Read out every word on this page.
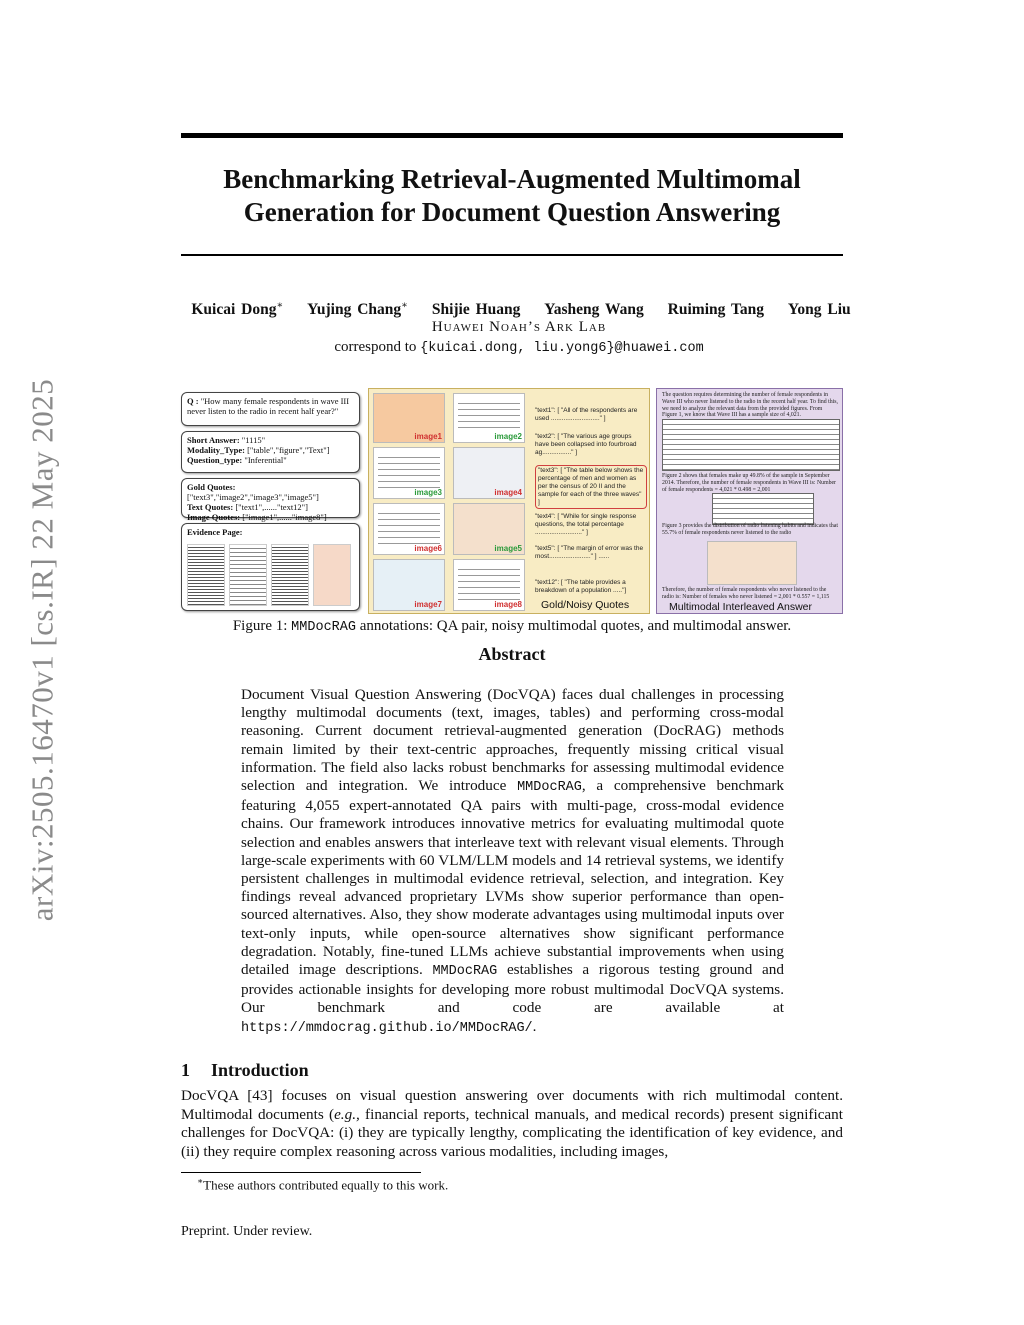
arXiv:2505.16470v1 [cs.IR] 22 May 2025
Benchmarking Retrieval-Augmented Multimomal
Generation for Document Question Answering
Kuicai Dong∗ Yujing Chang∗ Shijie Huang Yasheng Wang Ruiming Tang Yong Liu
Huawei Noah’s Ark Lab
correspond to {kuicai.dong, liu.yong6}@huawei.com
Q : "How many female respondents in wave III never listen to the radio in recent half year?"
Short Answer: "1115"
Modality_Type: ["table","figure","Text"]
Question_type: "Inferential"
Gold Quotes: ["text3","image2","image3","image5"]
Text Quotes: ["text1",......"text12"]
Image Quotes: ["image1",......"image8"]
Evidence Page:
image1	image2
image3	image4
image6	image5
image7	image8
"text1": [ "All of the respondents are used ..........................." ]
"text2": [ "The various age groups have been collapsed into fourbroad ag................" ]
"text3": [ "The table below shows the percentage of men and women as per the census of 20 II and the sample for each of the three waves" ]
"text4": [ "While for single response questions, the total percentage .........................." ]
"text5": [ "The margin of error was the most......................." ] ......
"text12": [ "The table provides a breakdown of a population ....."]
Gold/Noisy Quotes
The question requires determining the number of female respondents in Wave III who never listened to the radio in the recent half year. To find this, we need to analyze the relevant data from the provided figures. From Figure 1, we know that Wave III has a sample size of 4,021.
Figure 2 shows that females make up 49.8% of the sample in September 2014. Therefore, the number of female respondents in Wave III is: Number of female respondents = 4,021 * 0.498 = 2,001
Figure 3 provides the distribution of radio listening habits and indicates that 55.7% of female respondents never listened to the radio
Therefore, the number of female respondents who never listened to the radio is: Number of females who never listened = 2,001 * 0.557 = 1,115
Multimodal Interleaved Answer
Figure 1: MMDocRAG annotations: QA pair, noisy multimodal quotes, and multimodal answer.
Abstract
Document Visual Question Answering (DocVQA) faces dual challenges in processing lengthy multimodal documents (text, images, tables) and performing cross-modal reasoning. Current document retrieval-augmented generation (DocRAG) methods remain limited by their text-centric approaches, frequently missing critical visual information. The field also lacks robust benchmarks for assessing multimodal evidence selection and integration. We introduce MMDocRAG, a comprehensive benchmark featuring 4,055 expert-annotated QA pairs with multi-page, cross-modal evidence chains. Our framework introduces innovative metrics for evaluating multimodal quote selection and enables answers that interleave text with relevant visual elements. Through large-scale experiments with 60 VLM/LLM models and 14 retrieval systems, we identify persistent challenges in multimodal evidence retrieval, selection, and integration. Key findings reveal advanced proprietary LVMs show superior performance than open-sourced alternatives. Also, they show moderate advantages using multimodal inputs over text-only inputs, while open-source alternatives show significant performance degradation. Notably, fine-tuned LLMs achieve substantial improvements when using detailed image descriptions. MMDocRAG establishes a rigorous testing ground and provides actionable insights for developing more robust multimodal DocVQA systems. Our benchmark and code are available at https://mmdocrag.github.io/MMDocRAG/.
1 Introduction
DocVQA [43] focuses on visual question answering over documents with rich multimodal content. Multimodal documents (e.g., financial reports, technical manuals, and medical records) present significant challenges for DocVQA: (i) they are typically lengthy, complicating the identification of key evidence, and (ii) they require complex reasoning across various modalities, including images,
∗These authors contributed equally to this work.
Preprint. Under review.
